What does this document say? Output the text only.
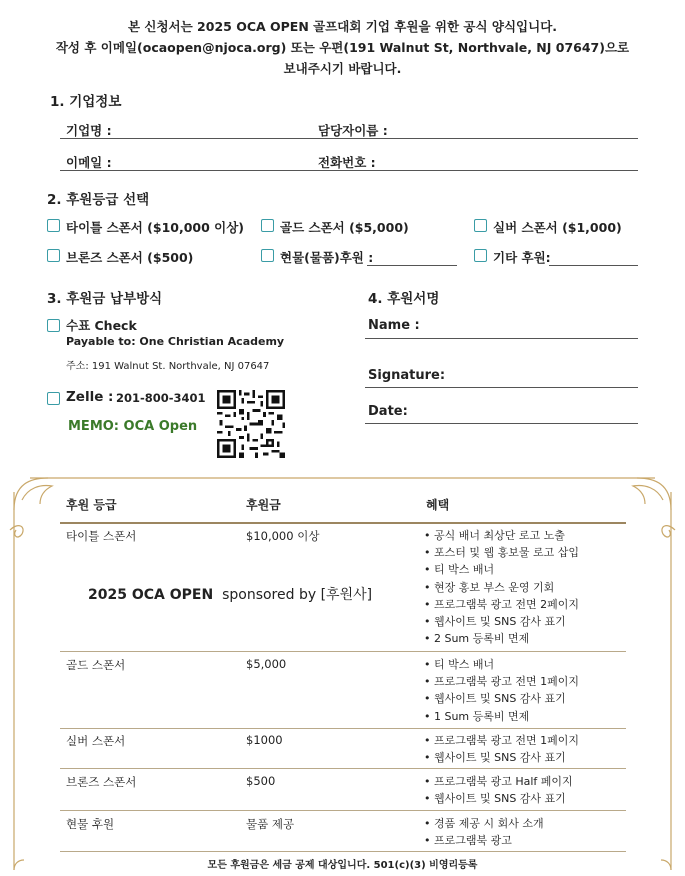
본 신청서는 2025 OCA OPEN 골프대회 기업 후원을 위한 공식 양식입니다.
작성 후 이메일(ocaopen@njoca.org) 또는 우편(191 Walnut St, Northvale, NJ 07647)으로
보내주시기 바랍니다.
1. 기업정보
기업명 :	담당자이름 :
이메일 :	전화번호 :
2. 후원등급 선택
타이틀 스폰서 ($10,000 이상)	골드 스폰서 ($5,000)	실버 스폰서 ($1,000)
브론즈 스폰서 ($500)	현물(물품)후원 :	기타 후원:
3. 후원금 납부방식
수표 Check
Payable to: One Christian Academy
주소: 191 Walnut St. Northvale, NJ 07647
Zelle : 201-800-3401
MEMO: OCA Open
4. 후원서명
Name :
Signature:
Date:
후원 등급	후원금	혜택
타이틀 스폰서	$10,000 이상	• 공식 배너 최상단 로고 노출
• 포스터 및 웹 홍보물 로고 삽입
• 티 박스 배너
• 현장 홍보 부스 운영 기회
• 프로그램북 광고 전면 2페이지
• 웹사이트 및 SNS 감사 표기
• 2 Sum 등록비 면제
2025 OCA OPEN sponsored by [후원사]
골드 스폰서	$5,000	• 티 박스 배너
• 프로그램북 광고 전면 1페이지
• 웹사이트 및 SNS 감사 표기
• 1 Sum 등록비 면제
실버 스폰서	$1000	• 프로그램북 광고 전면 1페이지
• 웹사이트 및 SNS 감사 표기
브론즈 스폰서	$500	• 프로그램북 광고 Half 페이지
• 웹사이트 및 SNS 감사 표기
현물 후원	물품 제공	• 경품 제공 시 회사 소개
• 프로그램북 광고
모든 후원금은 세금 공제 대상입니다. 501(c)(3) 비영리등록
